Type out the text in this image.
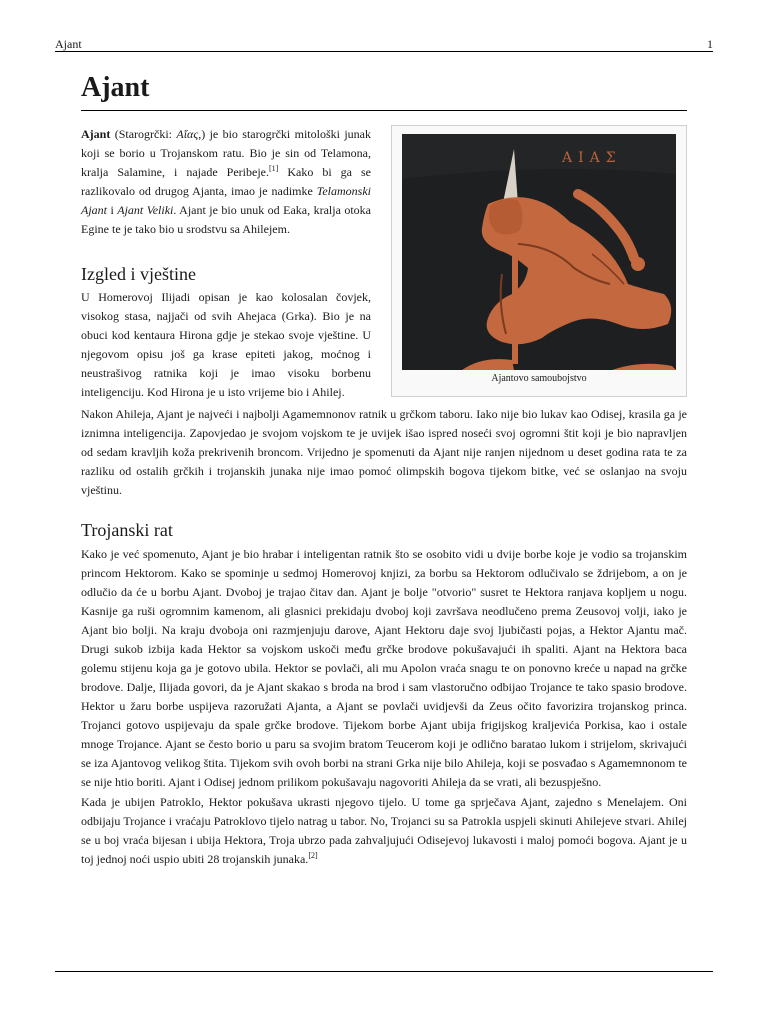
Ajant	1
Ajant
ΑΙΑΣ
Ajantovo samoubojstvo

Ajant (Starogrčki: Αἴας,) je bio starogrčki mitološki junak koji se borio u Trojanskom ratu. Bio je sin od Telamona, kralja Salamine, i najade Peribeje.[1] Kako bi ga se razlikovalo od drugog Ajanta, imao je nadimke Telamonski Ajant i Ajant Veliki. Ajant je bio unuk od Eaka, kralja otoka Egine te je tako bio u srodstvu sa Ahilejem.

Izgled i vještine

U Homerovoj Ilijadi opisan je kao kolosalan čovjek, visokog stasa, najjači od svih Ahejaca (Grka). Bio je na obuci kod kentaura Hirona gdje je stekao svoje vještine. U njegovom opisu još ga krase epiteti jakog, moćnog i neustrašivog ratnika koji je imao visoku borbenu inteligenciju. Kod Hirona je u isto vrijeme bio i Ahilej.

Nakon Ahileja, Ajant je najveći i najbolji Agamemnonov ratnik u grčkom taboru. Iako nije bio lukav kao Odisej, krasila ga je iznimna inteligencija. Zapovjedao je svojom vojskom te je uvijek išao ispred noseći svoj ogromni štit koji je bio napravljen od sedam kravljih koža prekrivenih broncom. Vrijedno je spomenuti da Ajant nije ranjen nijednom u deset godina rata te za razliku od ostalih grčkih i trojanskih junaka nije imao pomoć olimpskih bogova tijekom bitke, već se oslanjao na svoju vještinu.

Trojanski rat

Kako je već spomenuto, Ajant je bio hrabar i inteligentan ratnik što se osobito vidi u dvije borbe koje je vodio sa trojanskim princom Hektorom. Kako se spominje u sedmoj Homerovoj knjizi, za borbu sa Hektorom odlučivalo se ždrijebom, a on je odlučio da će u borbu Ajant. Dvoboj je trajao čitav dan. Ajant je bolje "otvorio" susret te Hektora ranjava kopljem u nogu. Kasnije ga ruši ogromnim kamenom, ali glasnici prekidaju dvoboj koji završava neodlučeno prema Zeusovoj volji, iako je Ajant bio bolji. Na kraju dvoboja oni razmjenjuju darove, Ajant Hektoru daje svoj ljubičasti pojas, a Hektor Ajantu mač. Drugi sukob izbija kada Hektor sa vojskom uskoči među grčke brodove pokušavajući ih spaliti. Ajant na Hektora baca golemu stijenu koja ga je gotovo ubila. Hektor se povlači, ali mu Apolon vraća snagu te on ponovno kreće u napad na grčke brodove. Dalje, Ilijada govori, da je Ajant skakao s broda na brod i sam vlastoručno odbijao Trojance te tako spasio brodove. Hektor u žaru borbe uspijeva razoružati Ajanta, a Ajant se povlači uvidjevši da Zeus očito favorizira trojanskog princa. Trojanci gotovo uspijevaju da spale grčke brodove. Tijekom borbe Ajant ubija frigijskog kraljevića Porkisa, kao i ostale mnoge Trojance. Ajant se često borio u paru sa svojim bratom Teucerom koji je odlično baratao lukom i strijelom, skrivajući se iza Ajantovog velikog štita. Tijekom svih ovoh borbi na strani Grka nije bilo Ahileja, koji se posvađao s Agamemnonom te se nije htio boriti. Ajant i Odisej jednom prilikom pokušavaju nagovoriti Ahileja da se vrati, ali bezuspješno.

Kada je ubijen Patroklo, Hektor pokušava ukrasti njegovo tijelo. U tome ga sprječava Ajant, zajedno s Menelajem. Oni odbijaju Trojance i vraćaju Patroklovo tijelo natrag u tabor. No, Trojanci su sa Patrokla uspjeli skinuti Ahilejeve stvari. Ahilej se u boj vraća bijesan i ubija Hektora, Troja ubrzo pada zahvaljujući Odisejevoj lukavosti i maloj pomoći bogova. Ajant je u toj jednoj noći uspio ubiti 28 trojanskih junaka.[2]
